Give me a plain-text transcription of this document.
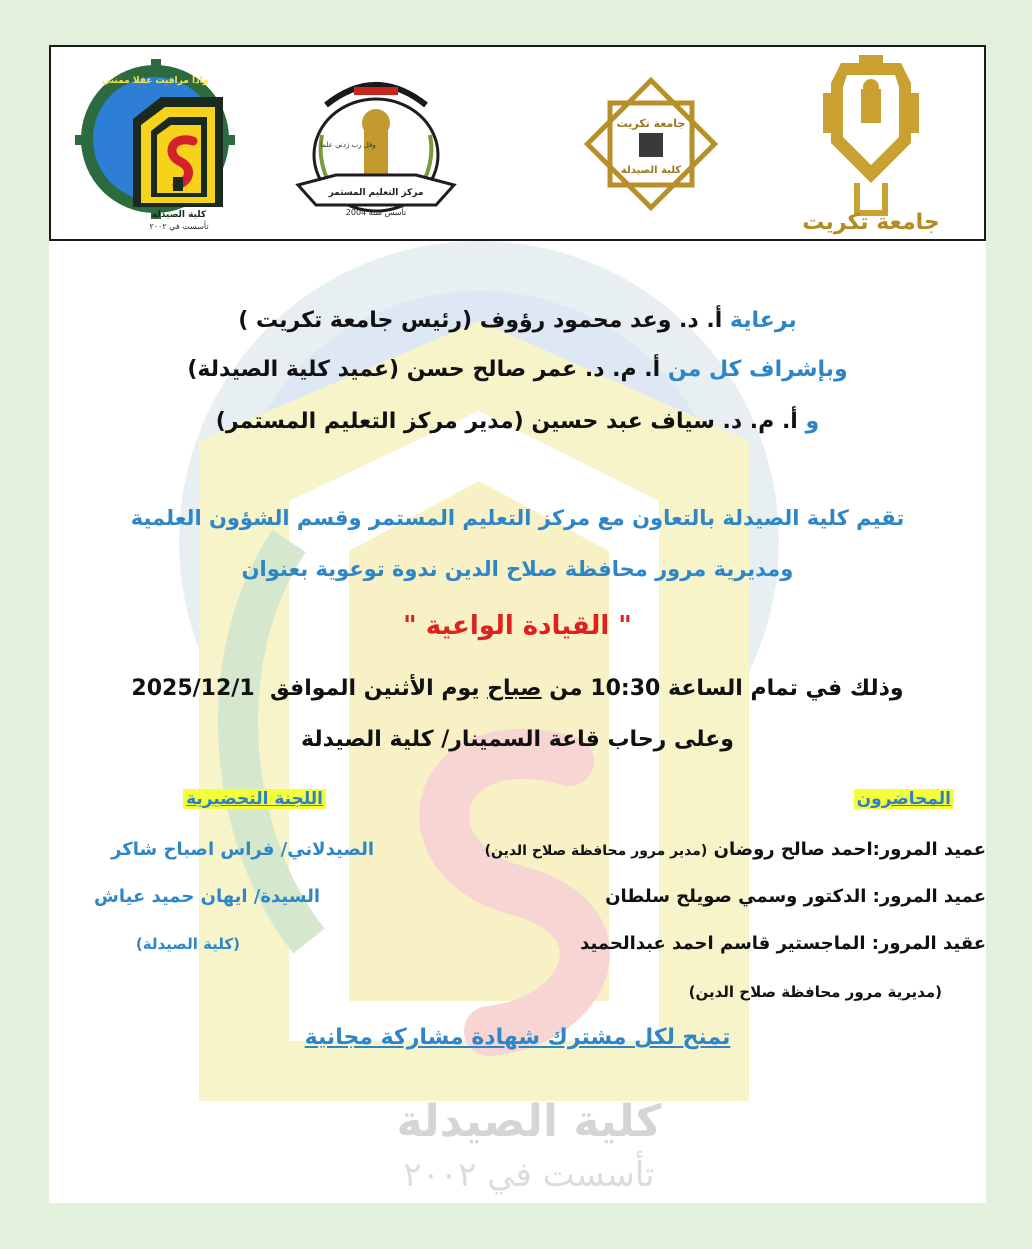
وادا مراقبت عقلا ممتني
كلية الصيدلة
تأسست في ٢٠٠٢
وقل رب زدني علما
مركز التعليم المستمر
تأسس سنة 2004
جامعة تكريت
كلية الصيدلة
جامعة تكريت
كلية الصيدلة
تأسست في ٢٠٠٢
برعاية أ. د. وعد محمود رؤوف (رئيس جامعة تكريت )
وبإشراف كل من أ. م. د. عمر صالح حسن (عميد كلية الصيدلة)
و أ. م. د. سياف عبد حسين (مدير مركز التعليم المستمر)
تقيم كلية الصيدلة بالتعاون مع مركز التعليم المستمر وقسم الشؤون العلمية
ومديرية مرور محافظة صلاح الدين ندوة توعوية بعنوان
" القيادة الواعية "
وذلك في تمام الساعة 10:30 من صباح يوم الأثنين الموافق  2025/12/1
وعلى رحاب قاعة السمينار/ كلية الصيدلة
المحاضرون
عميد المرور:احمد صالح روضان (مدير مرور محافظة صلاح الدين)
عميد المرور: الدكتور وسمي صويلح سلطان
عقيد المرور: الماجستير قاسم احمد عبدالحميد
(مديرية مرور محافظة صلاح الدين)
اللجنة التحضيرية
الصيدلاني/ فراس اصباح شاكر
السيدة/ ايهان حميد عياش
(كلية الصيدلة)
تمنح لكل مشترك شهادة مشاركة مجانية
